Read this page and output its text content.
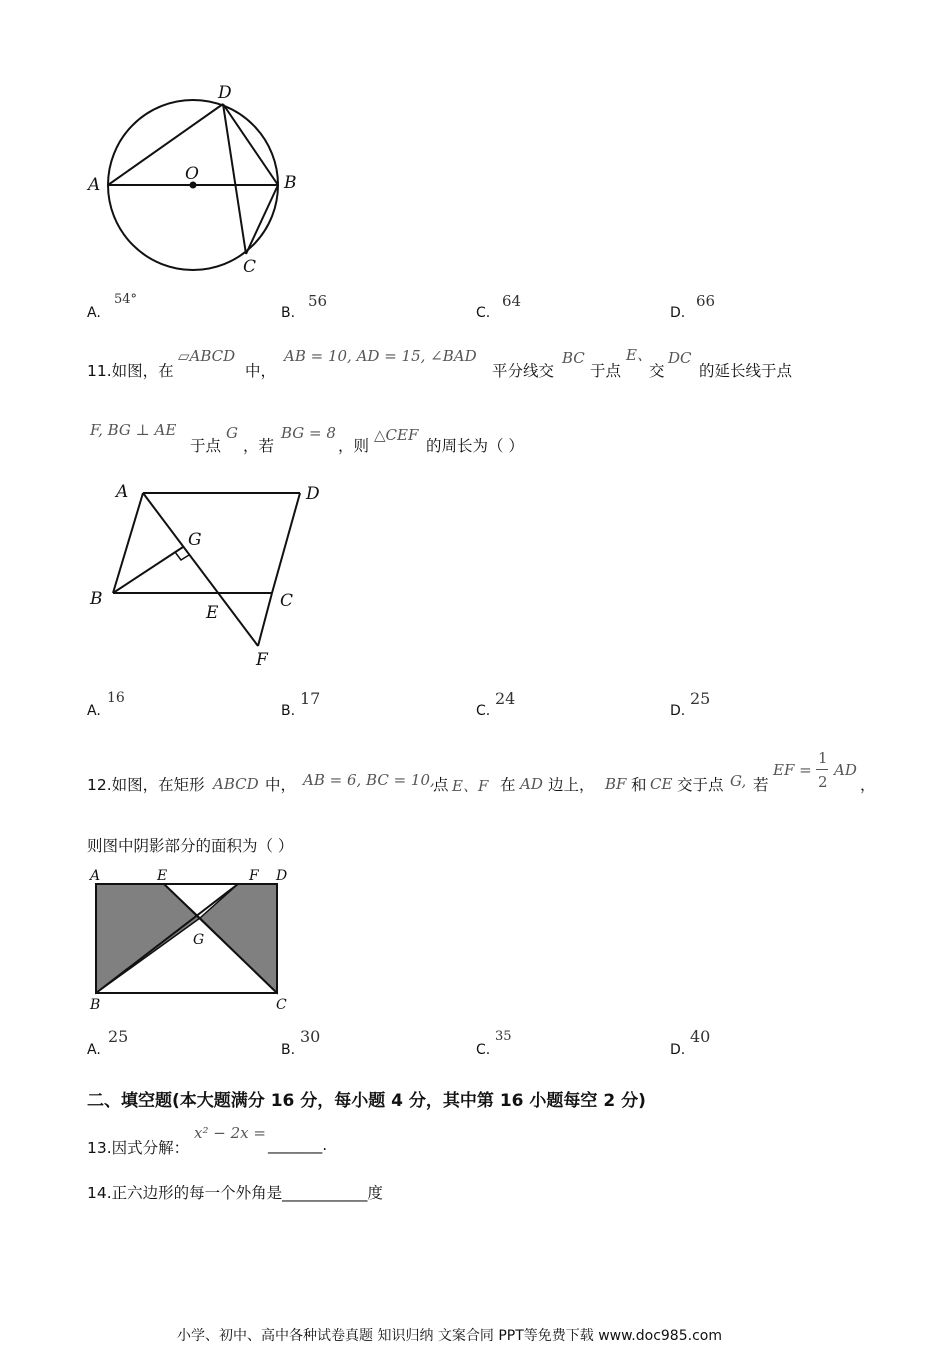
A	B
C
D
O
A.
54°
B.
56
C.
64
D.
66
11.如图，在
▱ABCD
中，
AB = 10, AD = 15, ∠BAD
平分线交
BC
于点
E、
交
DC
的延长线于点
F, BG ⊥ AE
于点
G
，若
BG = 8
，则
△CEF
的周长为（ ）
A	D
B	C
E
F
G
A.
16
B.
17
C.
24
D.
25
12.如图，在矩形 ABCD 中， AB = 6, BC = 10,
点 E、F 在 AD 边上， BF 和 CE 交于点 G, 若
EF =
1
2
AD
，
则图中阴影部分的面积为（ ）
A	E	F D
G
B	C
A.
25
B.
30
C.
35
D.
40
二、填空题(本大题满分 16 分，每小题 4 分，其中第 16 小题每空 2 分)
13.因式分解：
x² − 2x =
_______.
14.正六边形的每一个外角是___________度
小学、初中、高中各种试卷真题 知识归纳 文案合同 PPT等免费下载 www.doc985.com
